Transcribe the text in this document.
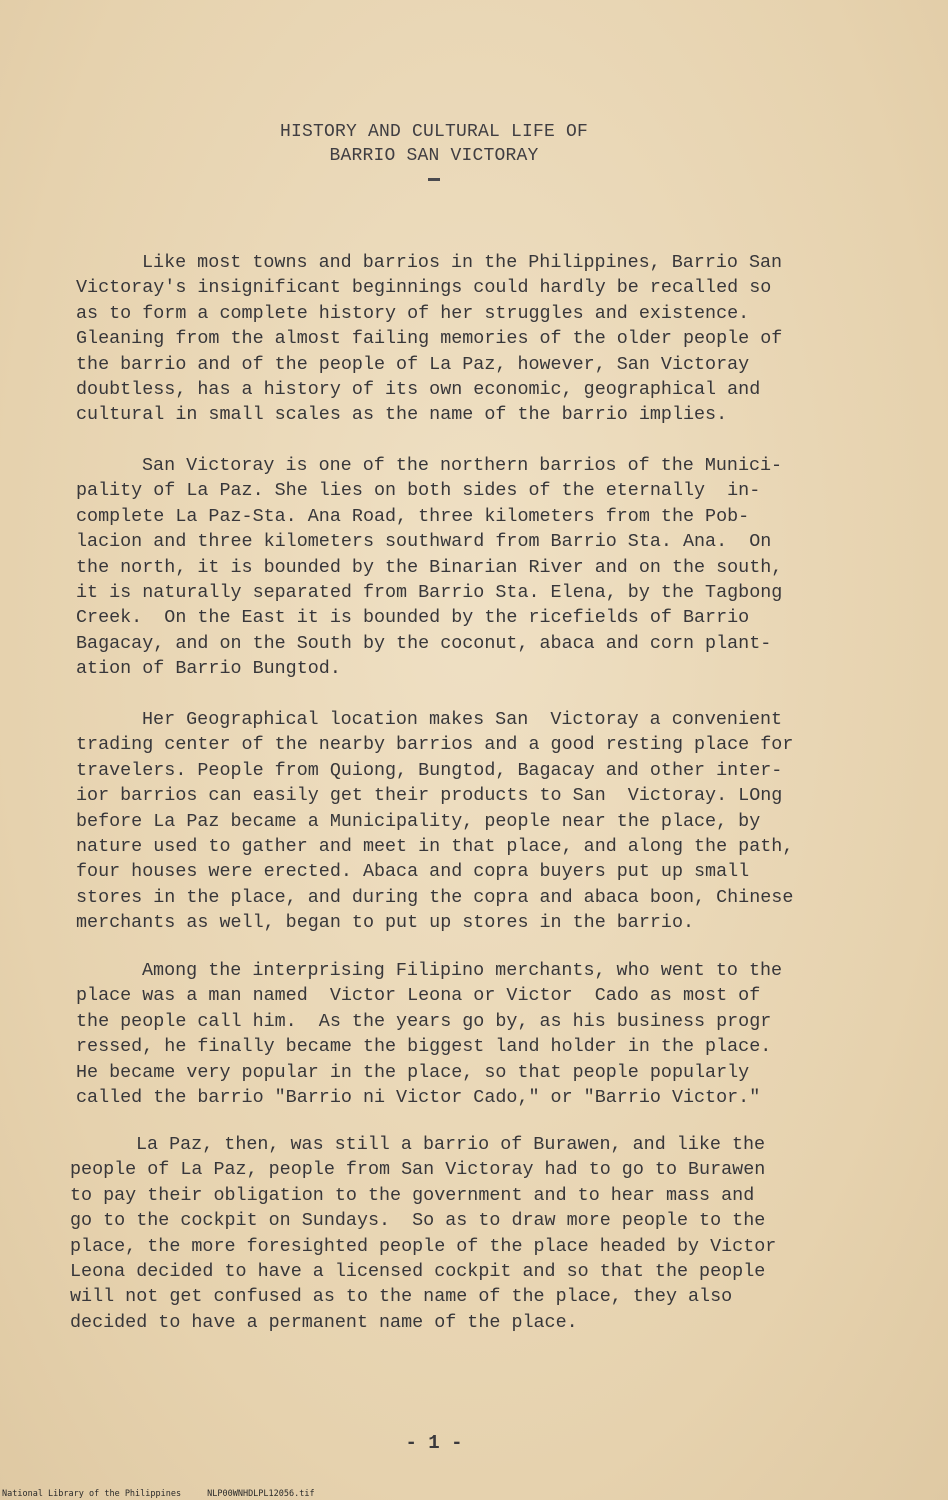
HISTORY AND CULTURAL LIFE OF
BARRIO SAN VICTORAY
Like most towns and barrios in the Philippines, Barrio San
Victoray's insignificant beginnings could hardly be recalled so
as to form a complete history of her struggles and existence.
Gleaning from the almost failing memories of the older people of
the barrio and of the people of La Paz, however, San Victoray
doubtless, has a history of its own economic, geographical and
cultural in small scales as the name of the barrio implies.
San Victoray is one of the northern barrios of the Munici-
pality of La Paz. She lies on both sides of the eternally  in-
complete La Paz-Sta. Ana Road, three kilometers from the Pob-
lacion and three kilometers southward from Barrio Sta. Ana.  On
the north, it is bounded by the Binarian River and on the south,
it is naturally separated from Barrio Sta. Elena, by the Tagbong
Creek.  On the East it is bounded by the ricefields of Barrio
Bagacay, and on the South by the coconut, abaca and corn plant-
ation of Barrio Bungtod.
Her Geographical location makes San  Victoray a convenient
trading center of the nearby barrios and a good resting place for
travelers. People from Quiong, Bungtod, Bagacay and other inter-
ior barrios can easily get their products to San  Victoray. LOng
before La Paz became a Municipality, people near the place, by
nature used to gather and meet in that place, and along the path,
four houses were erected. Abaca and copra buyers put up small
stores in the place, and during the copra and abaca boon, Chinese
merchants as well, began to put up stores in the barrio.
Among the interprising Filipino merchants, who went to the
place was a man named  Victor Leona or Victor  Cado as most of
the people call him.  As the years go by, as his business progr
ressed, he finally became the biggest land holder in the place.
He became very popular in the place, so that people popularly
called the barrio "Barrio ni Victor Cado," or "Barrio Victor."
La Paz, then, was still a barrio of Burawen, and like the
people of La Paz, people from San Victoray had to go to Burawen
to pay their obligation to the government and to hear mass and
go to the cockpit on Sundays.  So as to draw more people to the
place, the more foresighted people of the place headed by Victor
Leona decided to have a licensed cockpit and so that the people
will not get confused as to the name of the place, they also
decided to have a permanent name of the place.
- 1 -
National Library of the Philippines	NLP00WNHDLPL12056.tif
